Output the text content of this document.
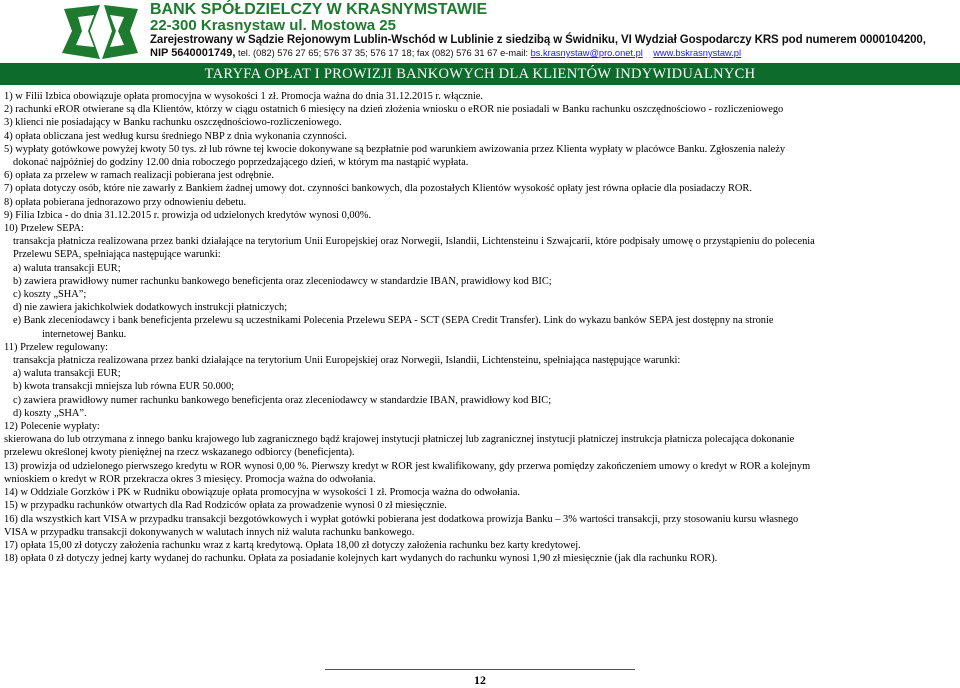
BANK SPÓŁDZIELCZY W KRASNYMSTAWIE
22-300 Krasnystaw ul. Mostowa 25
Zarejestrowany w Sądzie Rejonowym Lublin-Wschód w Lublinie z siedzibą w Świdniku, VI Wydział Gospodarczy KRS pod numerem 0000104200,
NIP 5640001749, tel. (082) 576 27 65; 576 37 35; 576 17 18; fax (082) 576 31 67 e-mail: bs.krasnystaw@pro.onet.pl www.bskrasnystaw.pl
TARYFA OPŁAT I PROWIZJI BANKOWYCH DLA KLIENTÓW INDYWIDUALNYCH

1) w Filii Izbica obowiązuje opłata promocyjna w wysokości 1 zł. Promocja ważna do dnia 31.12.2015 r. włącznie.

2) rachunki eROR otwierane są dla Klientów, którzy w ciągu ostatnich 6 miesięcy na dzień złożenia wniosku o eROR nie posiadali w Banku rachunku oszczędnościowo - rozliczeniowego

3) klienci nie posiadający w Banku rachunku oszczędnościowo-rozliczeniowego.

4) opłata obliczana jest według kursu średniego NBP z dnia wykonania czynności.

5) wypłaty gotówkowe powyżej kwoty 50 tys. zł lub równe tej kwocie dokonywane są bezpłatnie pod warunkiem awizowania przez Klienta wypłaty w placówce Banku. Zgłoszenia należy

dokonać najpóźniej do godziny 12.00 dnia roboczego poprzedzającego dzień, w którym ma nastąpić wypłata.

6) opłata za przelew w ramach realizacji pobierana jest odrębnie.

7) opłata dotyczy osób, które nie zawarły z Bankiem żadnej umowy dot. czynności bankowych, dla pozostałych Klientów wysokość opłaty jest równa opłacie dla posiadaczy ROR.

8) opłata pobierana jednorazowo przy odnowieniu debetu.

9) Filia Izbica - do dnia 31.12.2015 r. prowizja od udzielonych kredytów wynosi 0,00%.

10) Przelew SEPA:

transakcja płatnicza realizowana przez banki działające na terytorium Unii Europejskiej oraz Norwegii, Islandii, Lichtensteinu i Szwajcarii, które podpisały umowę o przystąpieniu do polecenia

Przelewu SEPA, spełniająca następujące warunki:

a) waluta transakcji EUR;

b) zawiera prawidłowy numer rachunku bankowego beneficjenta oraz zleceniodawcy w standardzie IBAN, prawidłowy kod BIC;

c) koszty „SHA”;

d) nie zawiera jakichkolwiek dodatkowych instrukcji płatniczych;

e) Bank zleceniodawcy i bank beneficjenta przelewu są uczestnikami Polecenia Przelewu SEPA - SCT (SEPA Credit Transfer). Link do wykazu banków SEPA jest dostępny na stronie

internetowej Banku.

11) Przelew regulowany:

transakcja płatnicza realizowana przez banki działające na terytorium Unii Europejskiej oraz Norwegii, Islandii, Lichtensteinu, spełniająca następujące warunki:

a) waluta transakcji EUR;

b) kwota transakcji mniejsza lub równa EUR 50.000;

c) zawiera prawidłowy numer rachunku bankowego beneficjenta oraz zleceniodawcy w standardzie IBAN, prawidłowy kod BIC;

d) koszty „SHA”.

12) Polecenie wypłaty:

skierowana do lub otrzymana z innego banku krajowego lub zagranicznego bądź krajowej instytucji płatniczej lub zagranicznej instytucji płatniczej instrukcja płatnicza polecająca dokonanie

przelewu określonej kwoty pieniężnej na rzecz wskazanego odbiorcy (beneficjenta).

13) prowizja od udzielonego pierwszego kredytu w ROR wynosi 0,00 %. Pierwszy kredyt w ROR jest kwalifikowany, gdy przerwa pomiędzy zakończeniem umowy o kredyt w ROR a kolejnym

wnioskiem o kredyt w ROR przekracza okres 3 miesięcy. Promocja ważna do odwołania.

14) w Oddziale Gorzków i PK w Rudniku obowiązuje opłata promocyjna w wysokości 1 zł. Promocja ważna do odwołania.

15) w przypadku rachunków otwartych dla Rad Rodziców opłata za prowadzenie wynosi 0 zł miesięcznie.

16) dla wszystkich kart VISA w przypadku transakcji bezgotówkowych i wypłat gotówki pobierana jest dodatkowa prowizja Banku – 3% wartości transakcji, przy stosowaniu kursu własnego

VISA w przypadku transakcji dokonywanych w walutach innych niż waluta rachunku bankowego.

17) opłata 15,00 zł dotyczy założenia rachunku wraz z kartą kredytową. Opłata 18,00 zł dotyczy założenia rachunku bez karty kredytowej.

18) opłata 0 zł dotyczy jednej karty wydanej do rachunku. Opłata za posiadanie kolejnych kart wydanych do rachunku wynosi 1,90 zł miesięcznie (jak dla rachunku ROR).

12
